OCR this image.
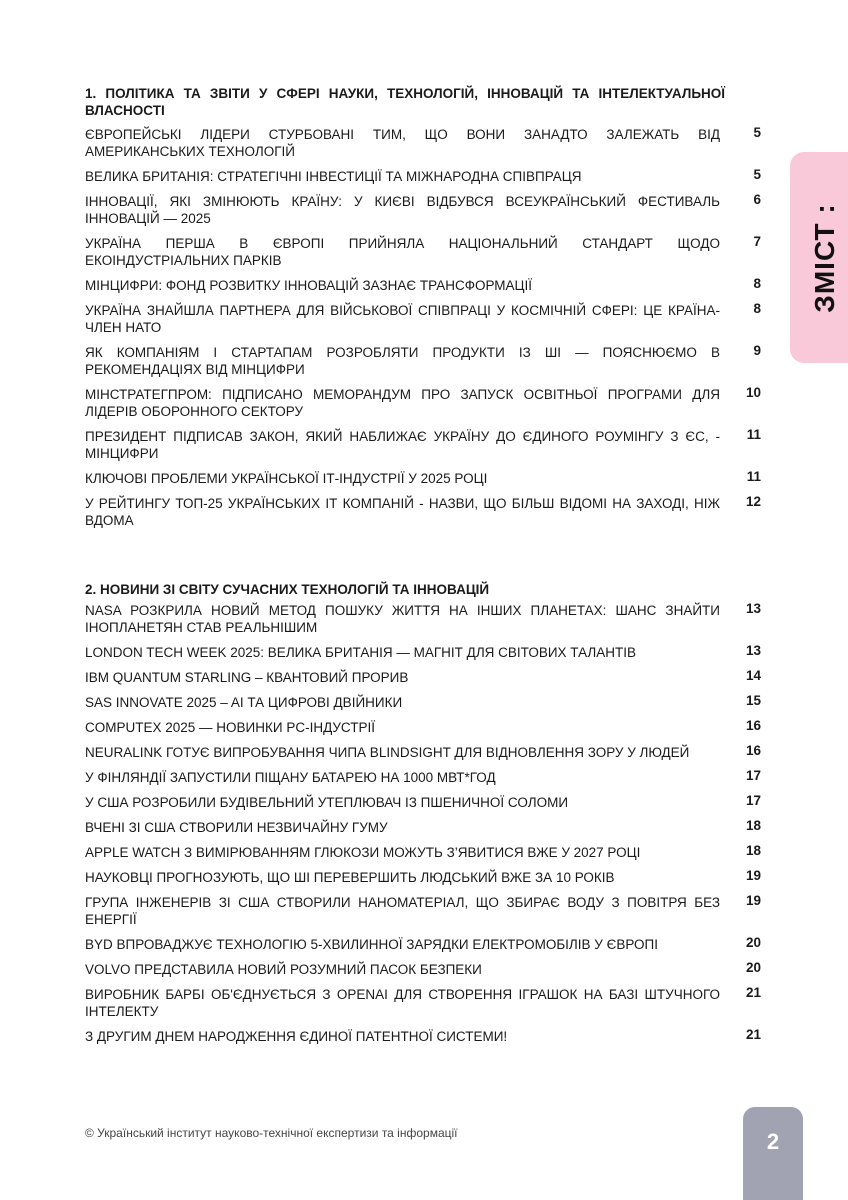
ЗМІСТ :
1. ПОЛІТИКА ТА ЗВІТИ У СФЕРІ НАУКИ, ТЕХНОЛОГІЙ, ІННОВАЦІЙ ТА ІНТЕЛЕКТУАЛЬНОЇ ВЛАСНОСТІ
ЄВРОПЕЙСЬКІ ЛІДЕРИ СТУРБОВАНІ ТИМ, ЩО ВОНИ ЗАНАДТО ЗАЛЕЖАТЬ ВІД АМЕРИКАНСЬКИХ ТЕХНОЛОГІЙ
5
ВЕЛИКА БРИТАНІЯ: СТРАТЕГІЧНІ ІНВЕСТИЦІЇ ТА МІЖНАРОДНА СПІВПРАЦЯ	5
ІННОВАЦІЇ, ЯКІ ЗМІНЮЮТЬ КРАЇНУ: У КИЄВІ ВІДБУВСЯ ВСЕУКРАЇНСЬКИЙ ФЕСТИВАЛЬ ІННОВАЦІЙ — 2025
6
УКРАЇНА ПЕРША В ЄВРОПІ ПРИЙНЯЛА НАЦІОНАЛЬНИЙ СТАНДАРТ ЩОДО ЕКОІНДУСТРІАЛЬНИХ ПАРКІВ
7
МІНЦИФРИ: ФОНД РОЗВИТКУ ІННОВАЦІЙ ЗАЗНАЄ ТРАНСФОРМАЦІЇ	8
УКРАЇНА ЗНАЙШЛА ПАРТНЕРА ДЛЯ ВІЙСЬКОВОЇ СПІВПРАЦІ У КОСМІЧНІЙ СФЕРІ: ЦЕ КРАЇНА-ЧЛЕН НАТО
8
ЯК КОМПАНІЯМ І СТАРТАПАМ РОЗРОБЛЯТИ ПРОДУКТИ ІЗ ШІ — ПОЯСНЮЄМО В РЕКОМЕНДАЦІЯХ ВІД МІНЦИФРИ
9
МІНСТРАТЕГПРОМ: ПІДПИСАНО МЕМОРАНДУМ ПРО ЗАПУСК ОСВІТНЬОЇ ПРОГРАМИ ДЛЯ ЛІДЕРІВ ОБОРОННОГО СЕКТОРУ
10
ПРЕЗИДЕНТ ПІДПИСАВ ЗАКОН, ЯКИЙ НАБЛИЖАЄ УКРАЇНУ ДО ЄДИНОГО РОУМІНГУ З ЄС, - МІНЦИФРИ
11
КЛЮЧОВІ ПРОБЛЕМИ УКРАЇНСЬКОЇ ІТ-ІНДУСТРІЇ У 2025 РОЦІ	11
У РЕЙТИНГУ ТОП-25 УКРАЇНСЬКИХ ІТ КОМПАНІЙ - НАЗВИ, ЩО БІЛЬШ ВІДОМІ НА ЗАХОДІ, НІЖ ВДОМА
12
2. НОВИНИ ЗІ СВІТУ СУЧАСНИХ ТЕХНОЛОГІЙ ТА ІННОВАЦІЙ
NASA РОЗКРИЛА НОВИЙ МЕТОД ПОШУКУ ЖИТТЯ НА ІНШИХ ПЛАНЕТАХ: ШАНС ЗНАЙТИ ІНОПЛАНЕТЯН СТАВ РЕАЛЬНІШИМ
13
LONDON TECH WEEK 2025: ВЕЛИКА БРИТАНІЯ — МАГНІТ ДЛЯ СВІТОВИХ ТАЛАНТІВ	13
IBM QUANTUM STARLING – КВАНТОВИЙ ПРОРИВ	14
SAS INNOVATE 2025 – AI ТА ЦИФРОВІ ДВІЙНИКИ	15
COMPUTEX 2025 — НОВИНКИ PC-ІНДУСТРІЇ	16
NEURALINK ГОТУЄ ВИПРОБУВАННЯ ЧИПА BLINDSIGHT ДЛЯ ВІДНОВЛЕННЯ ЗОРУ У ЛЮДЕЙ	16
У ФІНЛЯНДІЇ ЗАПУСТИЛИ ПІЩАНУ БАТАРЕЮ НА 1000 МВТ*ГОД	17
У США РОЗРОБИЛИ БУДІВЕЛЬНИЙ УТЕПЛЮВАЧ ІЗ ПШЕНИЧНОЇ СОЛОМИ	17
ВЧЕНІ ЗІ США СТВОРИЛИ НЕЗВИЧАЙНУ ГУМУ	18
APPLE WATCH З ВИМІРЮВАННЯМ ГЛЮКОЗИ МОЖУТЬ З’ЯВИТИСЯ ВЖЕ У 2027 РОЦІ	18
НАУКОВЦІ ПРОГНОЗУЮТЬ, ЩО ШІ ПЕРЕВЕРШИТЬ ЛЮДСЬКИЙ ВЖЕ ЗА 10 РОКІВ	19
ГРУПА ІНЖЕНЕРІВ ЗІ США СТВОРИЛИ НАНОМАТЕРІАЛ, ЩО ЗБИРАЄ ВОДУ З ПОВІТРЯ БЕЗ ЕНЕРГІЇ
19
BYD ВПРОВАДЖУЄ ТЕХНОЛОГІЮ 5-ХВИЛИННОЇ ЗАРЯДКИ ЕЛЕКТРОМОБІЛІВ У ЄВРОПІ	20
VOLVO ПРЕДСТАВИЛА НОВИЙ РОЗУМНИЙ ПАСОК БЕЗПЕКИ	20
ВИРОБНИК БАРБІ ОБ'ЄДНУЄТЬСЯ З OPENAI ДЛЯ СТВОРЕННЯ ІГРАШОК НА БАЗІ ШТУЧНОГО ІНТЕЛЕКТУ
21
З ДРУГИМ ДНЕМ НАРОДЖЕННЯ ЄДИНОЇ ПАТЕНТНОЇ СИСТЕМИ!	21
© Український інститут науково-технічної експертизи та інформації	2
